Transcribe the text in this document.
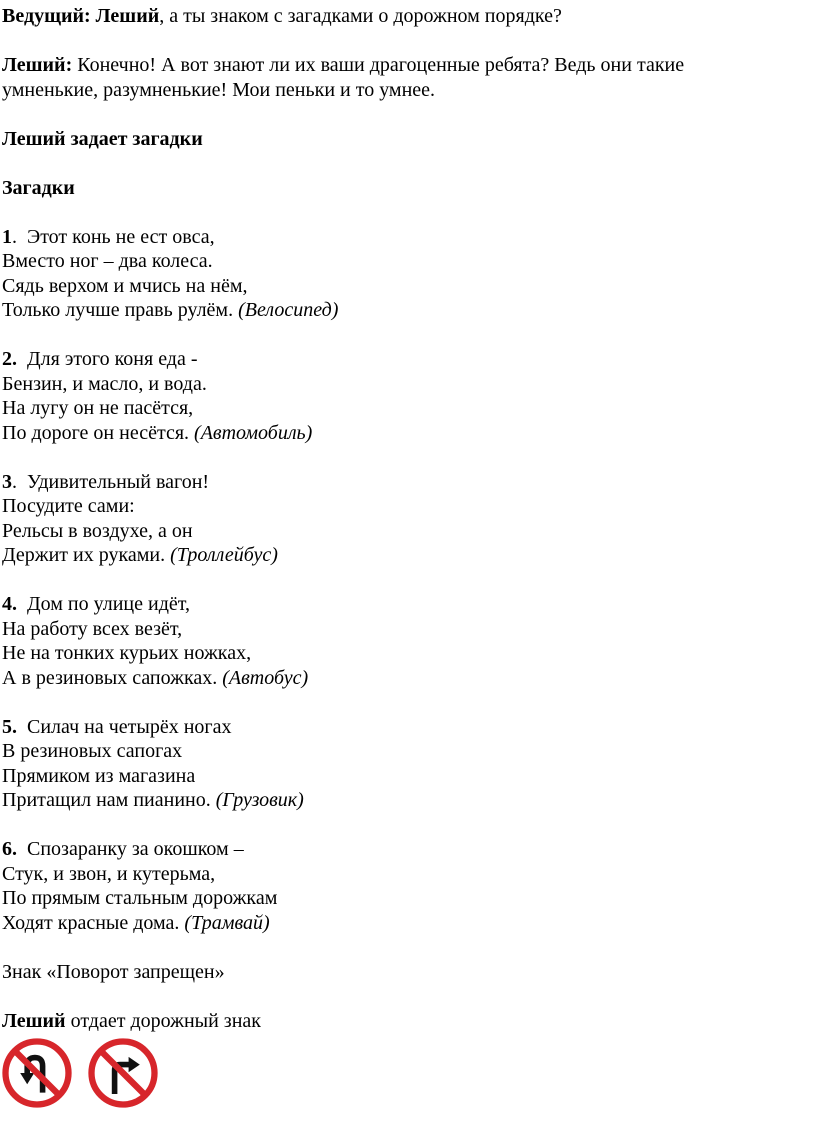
Ведущий: Леший, а ты знаком с загадками о дорожном порядке?

Леший: Конечно! А вот знают ли их ваши драгоценные ребята? Ведь они такие
умненькие, разумненькие! Мои пеньки и то умнее.

Леший задает загадки

Загадки

1. Этот конь не ест овса,
Вместо ног – два колеса.
Сядь верхом и мчись на нём,
Только лучше правь рулём. (Велосипед)

2. Для этого коня еда -
Бензин, и масло, и вода.
На лугу он не пасётся,
По дороге он несётся. (Автомобиль)

3. Удивительный вагон!
Посудите сами:
Рельсы в воздухе, а он
Держит их руками. (Троллейбус)

4. Дом по улице идёт,
На работу всех везёт,
Не на тонких курьих ножках,
А в резиновых сапожках. (Автобус)

5. Силач на четырёх ногах
В резиновых сапогах
Прямиком из магазина
Притащил нам пианино. (Грузовик)

6. Спозаранку за окошком –
Стук, и звон, и кутерьма,
По прямым стальным дорожкам
Ходят красные дома. (Трамвай)

Знак «Поворот запрещен»

Леший отдает дорожный знак
